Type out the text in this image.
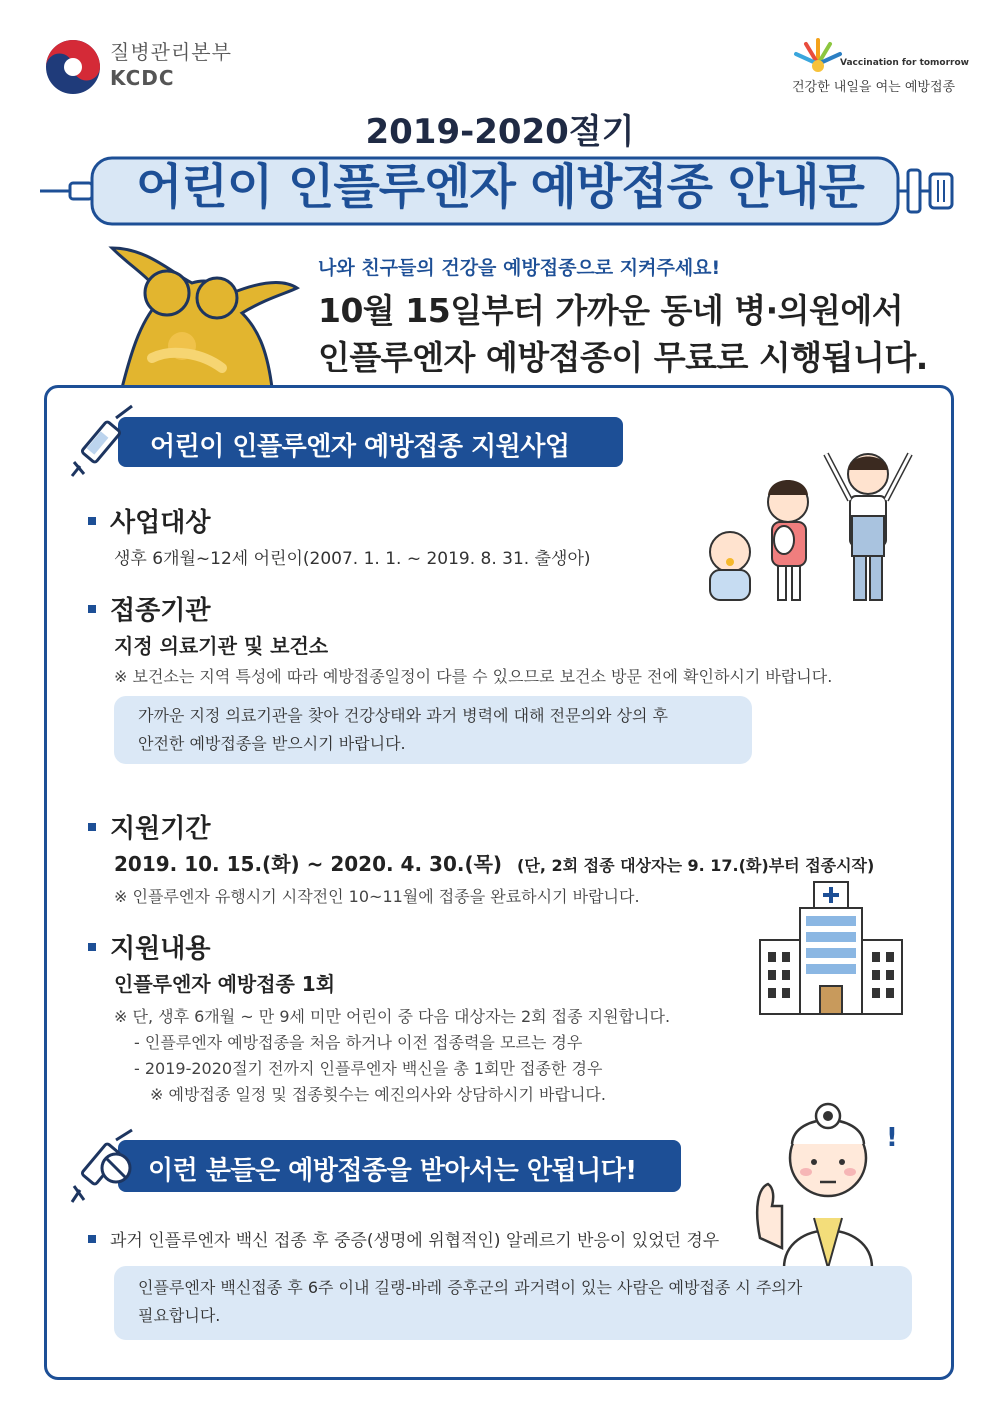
질병관리본부
KCDC
Vaccination for tomorrow
건강한 내일을 여는 예방접종
2019-2020절기
어린이 인플루엔자 예방접종 안내문
나와 친구들의 건강을 예방접종으로 지켜주세요!
10월 15일부터 가까운 동네 병·의원에서
인플루엔자 예방접종이 무료로 시행됩니다.
어린이 인플루엔자 예방접종 지원사업
사업대상
생후 6개월~12세 어린이(2007. 1. 1. ~ 2019. 8. 31. 출생아)
접종기관
지정 의료기관 및 보건소
※ 보건소는 지역 특성에 따라 예방접종일정이 다를 수 있으므로 보건소 방문 전에 확인하시기 바랍니다.

가까운 지정 의료기관을 찾아 건강상태와 과거 병력에 대해 전문의와 상의 후

안전한 예방접종을 받으시기 바랍니다.

지원기간
2019. 10. 15.(화) ~ 2020. 4. 30.(목) (단, 2회 접종 대상자는 9. 17.(화)부터 접종시작)
※ 인플루엔자 유행시기 시작전인 10~11월에 접종을 완료하시기 바랍니다.
지원내용
인플루엔자 예방접종 1회
※ 단, 생후 6개월 ~ 만 9세 미만 어린이 중 다음 대상자는 2회 접종 지원합니다.
- 인플루엔자 예방접종을 처음 하거나 이전 접종력을 모르는 경우
- 2019-2020절기 전까지 인플루엔자 백신을 총 1회만 접종한 경우
※ 예방접종 일정 및 접종횟수는 예진의사와 상담하시기 바랍니다.
이런 분들은 예방접종을 받아서는 안됩니다!
!
과거 인플루엔자 백신 접종 후 중증(생명에 위협적인) 알레르기 반응이 있었던 경우

인플루엔자 백신접종 후 6주 이내 길랭-바레 증후군의 과거력이 있는 사람은 예방접종 시 주의가

필요합니다.
